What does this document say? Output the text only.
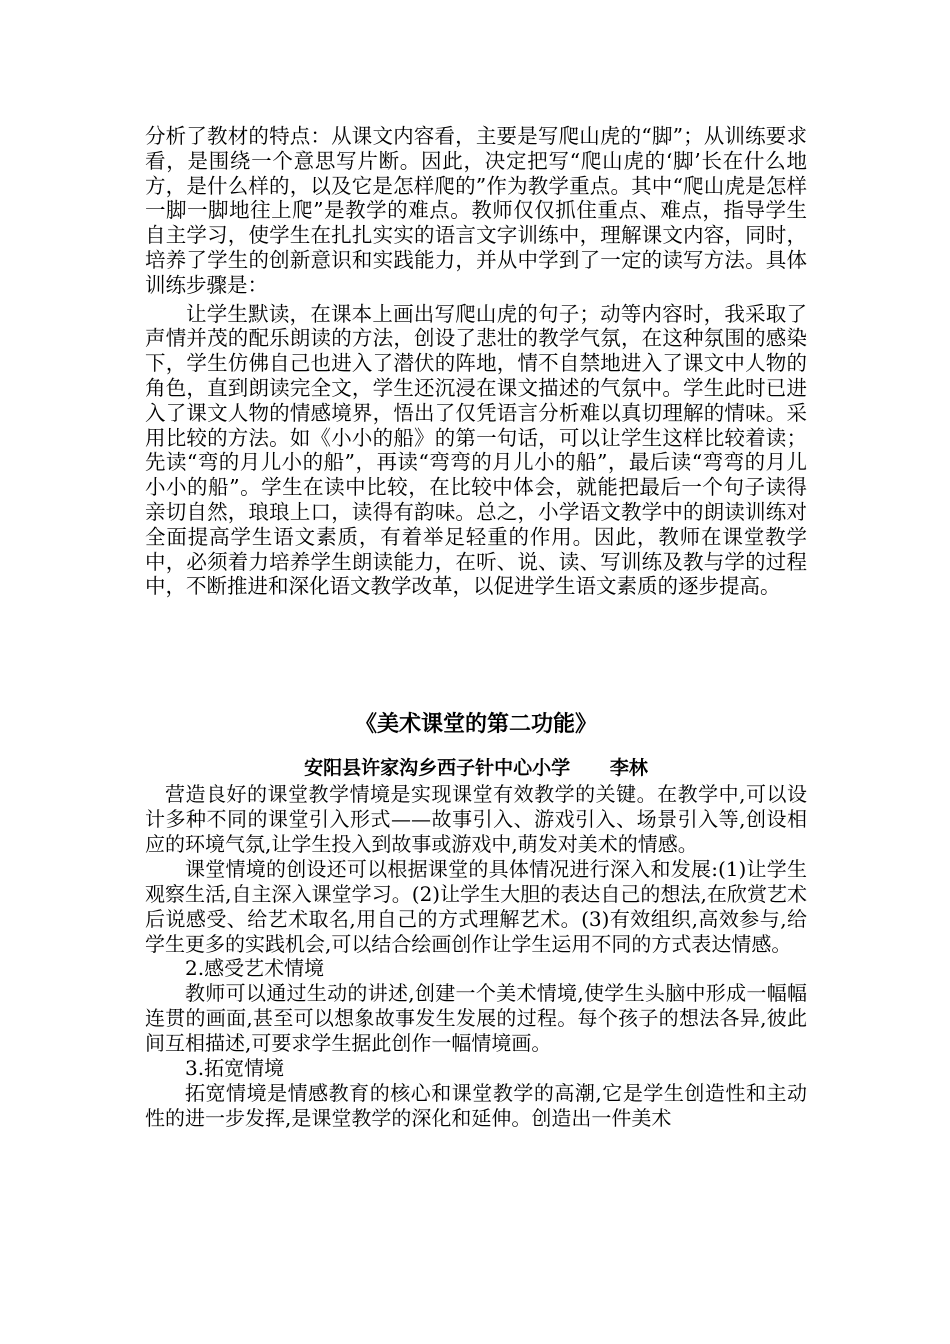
分析了教材的特点：从课文内容看，主要是写爬山虎的“脚”；从训练要求看，是围绕一个意思写片断。因此，决定把写“爬山虎的‘脚’长在什么地方，是什么样的，以及它是怎样爬的”作为教学重点。其中“爬山虎是怎样一脚一脚地往上爬”是教学的难点。教师仅仅抓住重点、难点，指导学生自主学习，使学生在扎扎实实的语言文字训练中，理解课文内容，同时，培养了学生的创新意识和实践能力，并从中学到了一定的读写方法。具体训练步骤是：

让学生默读，在课本上画出写爬山虎的句子；动等内容时，我采取了声情并茂的配乐朗读的方法，创设了悲壮的教学气氛，在这种氛围的感染下，学生仿佛自己也进入了潜伏的阵地，情不自禁地进入了课文中人物的角色，直到朗读完全文，学生还沉浸在课文描述的气氛中。学生此时已进入了课文人物的情感境界，悟出了仅凭语言分析难以真切理解的情味。采用比较的方法。如《小小的船》的第一句话，可以让学生这样比较着读；先读“弯的月儿小的船”，再读“弯弯的月儿小的船”，最后读“弯弯的月儿小小的船”。学生在读中比较，在比较中体会，就能把最后一个句子读得亲切自然，琅琅上口，读得有韵味。总之，小学语文教学中的朗读训练对全面提高学生语文素质，有着举足轻重的作用。因此，教师在课堂教学中，必须着力培养学生朗读能力，在听、说、读、写训练及教与学的过程中，不断推进和深化语文教学改革，以促进学生语文素质的逐步提高。

《美术课堂的第二功能》
安阳县许家沟乡西子针中心小学      李林

营造良好的课堂教学情境是实现课堂有效教学的关键。在教学中,可以设计多种不同的课堂引入形式——故事引入、游戏引入、场景引入等,创设相应的环境气氛,让学生投入到故事或游戏中,萌发对美术的情感。

课堂情境的创设还可以根据课堂的具体情况进行深入和发展:(1)让学生观察生活,自主深入课堂学习。(2)让学生大胆的表达自己的想法,在欣赏艺术后说感受、给艺术取名,用自己的方式理解艺术。(3)有效组织,高效参与,给学生更多的实践机会,可以结合绘画创作让学生运用不同的方式表达情感。

2.感受艺术情境

教师可以通过生动的讲述,创建一个美术情境,使学生头脑中形成一幅幅连贯的画面,甚至可以想象故事发生发展的过程。每个孩子的想法各异,彼此间互相描述,可要求学生据此创作一幅情境画。

3.拓宽情境

拓宽情境是情感教育的核心和课堂教学的高潮,它是学生创造性和主动性的进一步发挥,是课堂教学的深化和延伸。创造出一件美术
